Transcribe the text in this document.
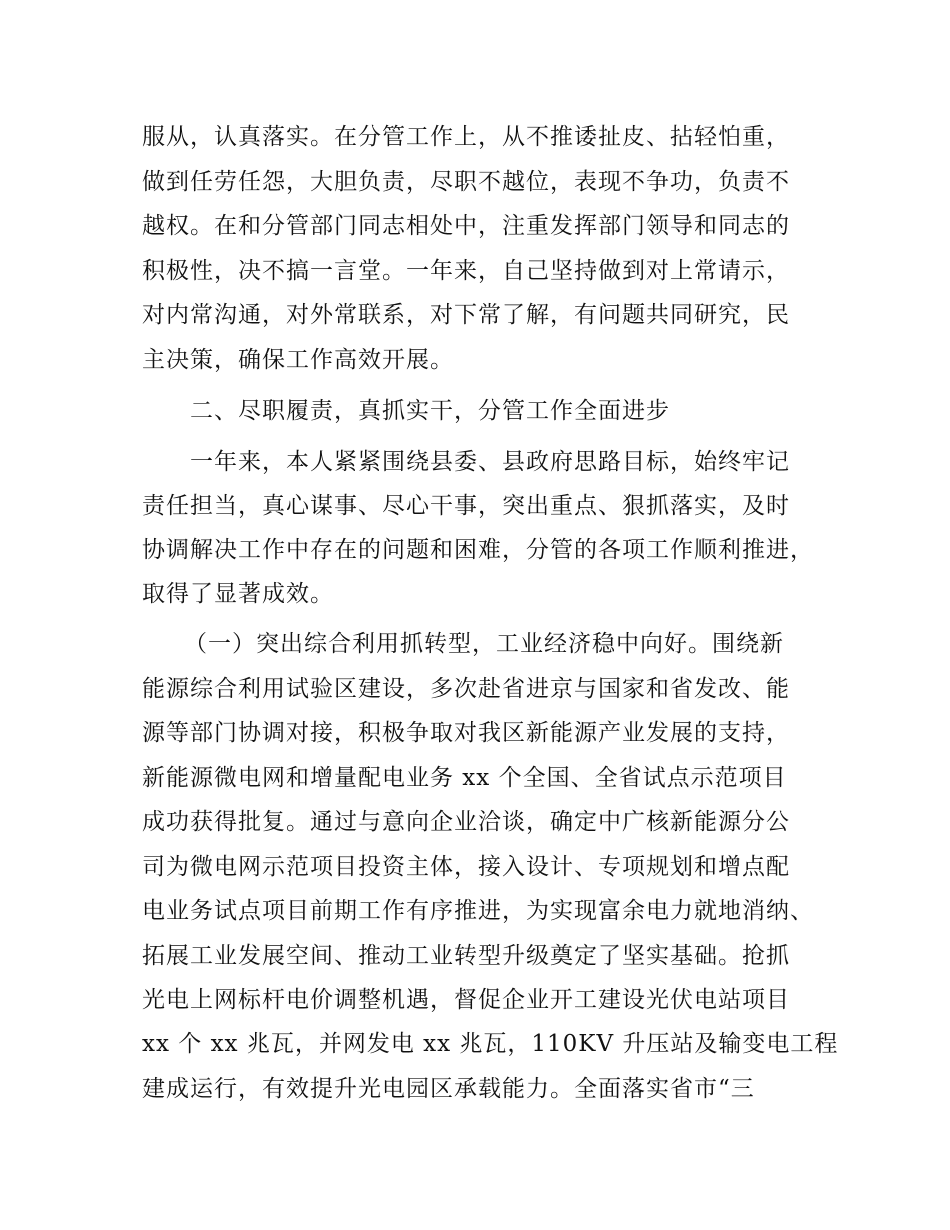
服从，认真落实。在分管工作上，从不推诿扯皮、拈轻怕重，
做到任劳任怨，大胆负责，尽职不越位，表现不争功，负责不
越权。在和分管部门同志相处中，注重发挥部门领导和同志的
积极性，决不搞一言堂。一年来，自己坚持做到对上常请示，
对内常沟通，对外常联系，对下常了解，有问题共同研究，民
主决策，确保工作高效开展。
二、尽职履责，真抓实干，分管工作全面进步
一年来，本人紧紧围绕县委、县政府思路目标，始终牢记
责任担当，真心谋事、尽心干事，突出重点、狠抓落实，及时
协调解决工作中存在的问题和困难，分管的各项工作顺利推进，
取得了显著成效。
（一）突出综合利用抓转型，工业经济稳中向好。围绕新
能源综合利用试验区建设，多次赴省进京与国家和省发改、能
源等部门协调对接，积极争取对我区新能源产业发展的支持，
新能源微电网和增量配电业务 xx 个全国、全省试点示范项目
成功获得批复。通过与意向企业洽谈，确定中广核新能源分公
司为微电网示范项目投资主体，接入设计、专项规划和增点配
电业务试点项目前期工作有序推进，为实现富余电力就地消纳、
拓展工业发展空间、推动工业转型升级奠定了坚实基础。抢抓
光电上网标杆电价调整机遇，督促企业开工建设光伏电站项目
xx 个 xx 兆瓦，并网发电 xx 兆瓦，110KV 升压站及输变电工程
建成运行，有效提升光电园区承载能力。全面落实省市“三
